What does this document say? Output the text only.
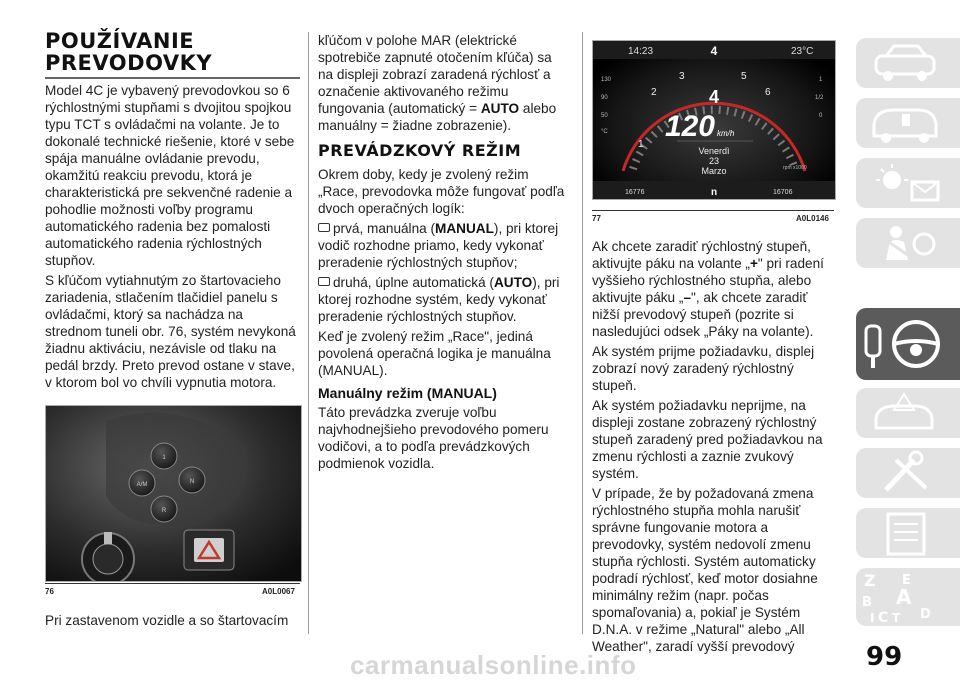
POUŽÍVANIE
PREVODOVKY

Model 4C je vybavený prevodovkou so 6 rýchlostnými stupňami s dvojitou spojkou typu TCT s ovládačmi na volante. Je to dokonalé technické riešenie, ktoré v sebe spája manuálne ovládanie prevodu, okamžitú reakciu prevodu, ktorá je charakteristická pre sekvenčné radenie a pohodlie možnosti voľby programu automatického radenia bez pomalosti automatického radenia rýchlostných stupňov.

S kľúčom vytiahnutým zo štartovacieho zariadenia, stlačením tlačidiel panelu s ovládačmi, ktorý sa nachádza na strednom tuneli obr. 76, systém nevykoná žiadnu aktiváciu, nezávisle od tlaku na pedál brzdy. Preto prevod ostane v stave, v ktorom bol vo chvíli vypnutia motora.

1
A/M	N
R
76	A0L0067

Pri zastavenom vozidle a so štartovacím

kľúčom v polohe MAR (elektrické spotrebiče zapnuté otočením kľúča) sa na displeji zobrazí zaradená rýchlosť a označenie aktivovaného režimu fungovania (automatický = AUTO alebo manuálny = žiadne zobrazenie).

PREVÁDZKOVÝ REŽIM

Okrem doby, kedy je zvolený režim „Race, prevodovka môže fungovať podľa dvoch operačných logík:

prvá, manuálna (MANUAL), pri ktorej vodič rozhodne priamo, kedy vykonať preradenie rýchlostných stupňov;

druhá, úplne automatická (AUTO), pri ktorej rozhodne systém, kedy vykonať preradenie rýchlostných stupňov.

Keď je zvolený režim „Race", jediná povolená operačná logika je manuálna (MANUAL).

Manuálny režim (MANUAL)

Táto prevádzka zveruje voľbu najvhodnejšieho prevodového pomeru vodičovi, a to podľa prevádzkových podmienok vozidla.

14:23	4	23°C
3
2
1
5
6
130
90
50
°C
1
1/2
0
4
120 km/h
Venerdì
23
Marzo	rpm x1000
16776	n	16706
77	A0L0146

Ak chcete zaradiť rýchlostný stupeň, aktivujte páku na volante „+" pri radení vyššieho rýchlostného stupňa, alebo aktivujte páku „–", ak chcete zaradiť nižší prevodový stupeň (pozrite si nasledujúci odsek „Páky na volante).

Ak systém prijme požiadavku, displej zobrazí nový zaradený rýchlostný stupeň.

Ak systém požiadavku neprijme, na displeji zostane zobrazený rýchlostný stupeň zaradený pred požiadavkou na zmenu rýchlosti a zaznie zvukový systém.

V prípade, že by požadovaná zmena rýchlostného stupňa mohla narušiť správne fungovanie motora a prevodovky, systém nedovolí zmenu stupňa rýchlosti. Systém automaticky podradí rýchlosť, keď motor dosiahne minimálny režim (napr. počas spomaľovania) a, pokiaľ je Systém D.N.A. v režime „Natural" alebo „All Weather", zaradí vyšší prevodový

Z E
B A
C T D
I
99
carmanualsonline.info
